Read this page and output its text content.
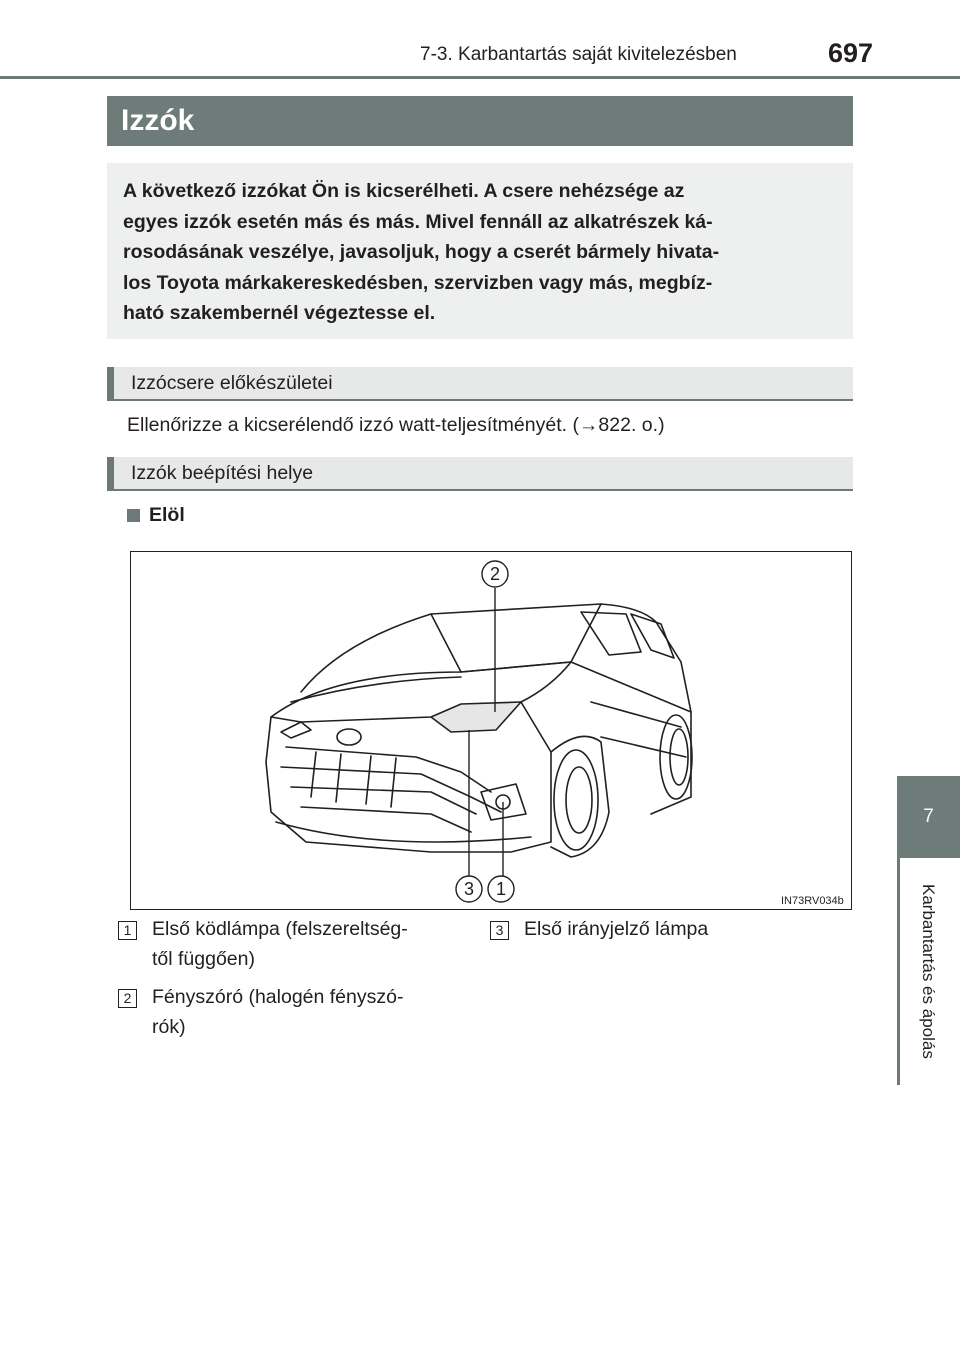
7-3. Karbantartás saját kivitelezésben	697
Izzók
A következő izzókat Ön is kicserélheti. A csere nehézsége az
egyes izzók esetén más és más. Mivel fennáll az alkatrészek ká-
rosodásának veszélye, javasoljuk, hogy a cserét bármely hivata-
los Toyota márkakereskedésben, szervizben vagy más, megbíz-
ható szakembernél végeztesse el.
Izzócsere előkészületei
Ellenőrizze a kicserélendő izzó watt-teljesítményét. (→822. o.)
Izzók beépítési helye
Elöl
2
3 1
IN73RV034b
1 Első ködlámpa (felszereltség-
től függően)
2 Fényszóró (halogén fényszó-
rók)
3 Első irányjelző lámpa
7
Karbantartás és ápolás
